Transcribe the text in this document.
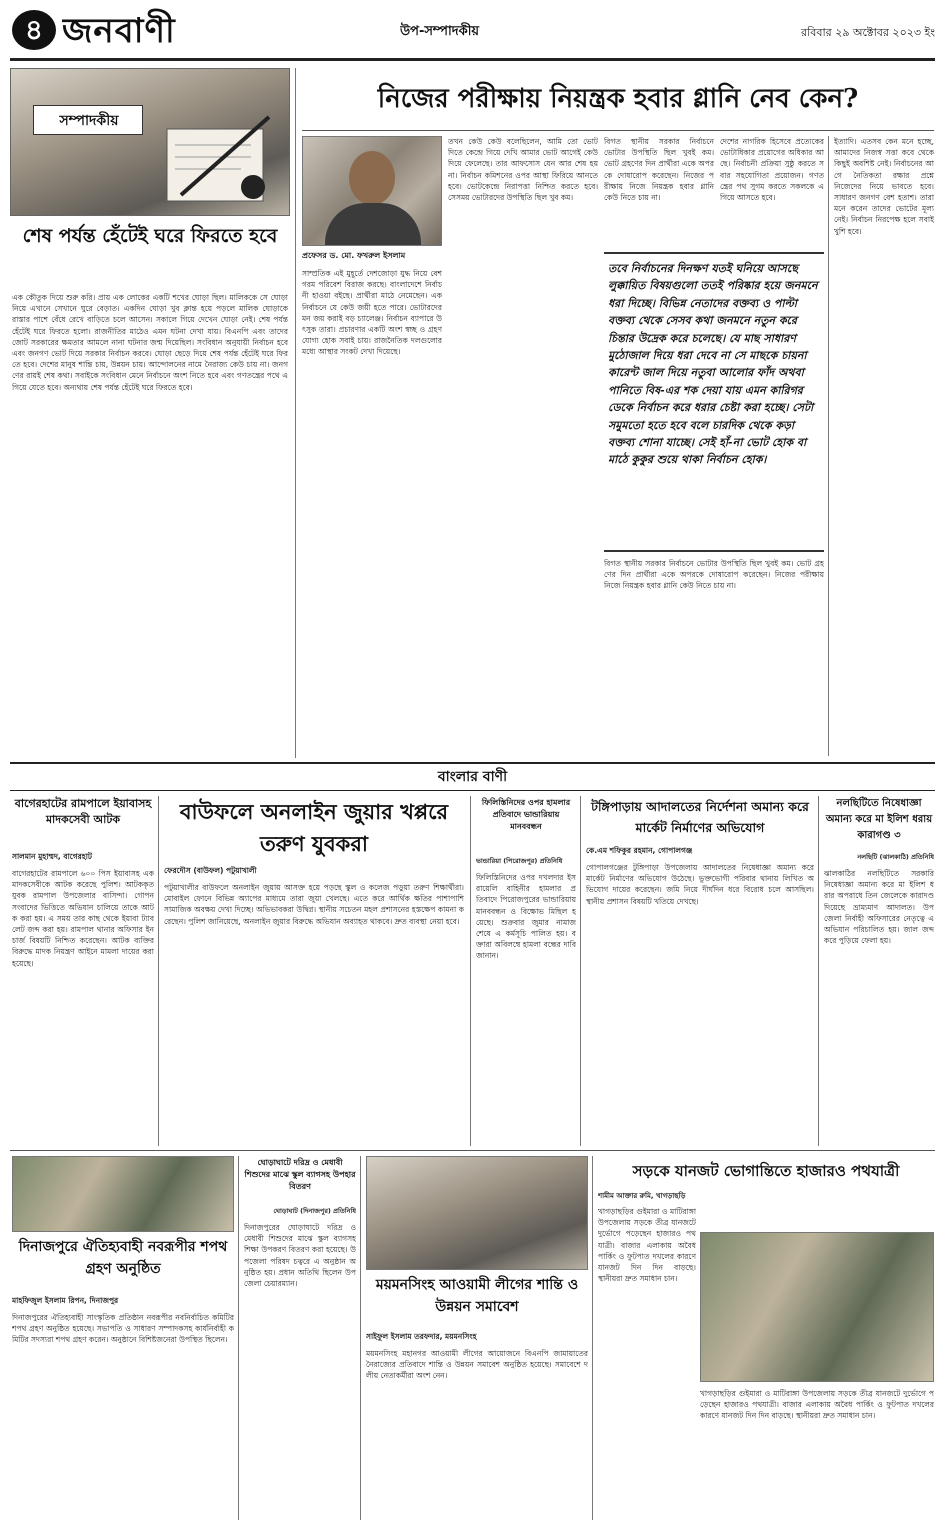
৪ জনবাণী	উপ-সম্পাদকীয়	রবিবার ২৯ অক্টোবর ২০২৩ ইং
সম্পাদকীয়
শেষ পর্যন্ত হেঁটেই ঘরে ফিরতে হবে
এক কৌতুক দিয়ে শুরু করি। প্রায় এক লোকের একটি শখের ঘোড়া ছিল। মালিককে সে ঘোড়া নিয়ে এখানে সেখানে ঘুরে বেড়াত। একদিন ঘোড়া খুব ক্লান্ত হয়ে পড়লে মালিক ঘোড়াকে রাস্তার পাশে বেঁধে রেখে বাড়িতে চলে আসেন। সকালে গিয়ে দেখেন ঘোড়া নেই। শেষ পর্যন্ত হেঁটেই ঘরে ফিরতে হলো। রাজনীতির মাঠেও এমন ঘটনা দেখা যায়। বিএনপি এবং তাদের জোট সরকারের ক্ষমতার আমলে নানা ঘটনার জন্ম দিয়েছিল। সংবিধান অনুযায়ী নির্বাচন হবে এবং জনগণ ভোট দিয়ে সরকার নির্বাচন করবে। ঘোড়া ছেড়ে দিয়ে শেষ পর্যন্ত হেঁটেই ঘরে ফিরতে হবে। দেশের মানুষ শান্তি চায়, উন্নয়ন চায়। আন্দোলনের নামে নৈরাজ্য কেউ চায় না। জনগণের রায়ই শেষ কথা। সবাইকে সংবিধান মেনে নির্বাচনে অংশ নিতে হবে এবং গণতন্ত্রের পথে এগিয়ে যেতে হবে। অন্যথায় শেষ পর্যন্ত হেঁটেই ঘরে ফিরতে হবে।
নিজের পরীক্ষায় নিয়ন্ত্রক হবার গ্লানি নেব কেন?
প্রফেসর ড. মো. ফখরুল ইসলাম
সাম্প্রতিক এই মুহূর্তে দেশজোড়া যুদ্ধ নিয়ে বেশ গরম পরিবেশ বিরাজ করছে। বাংলাদেশে নির্বাচনী হাওয়া বইছে। প্রার্থীরা মাঠে নেমেছেন। এক নির্বাচনে যে কেউ জয়ী হতে পারে। ভোটারদের মন জয় করাই বড় চ্যালেঞ্জ। নির্বাচন ব্যাপারে উৎসুক তারা। প্রচারণার একটি অংশ স্বচ্ছ ও গ্রহণযোগ্য হোক সবাই চায়। রাজনৈতিক দলগুলোর মধ্যে আস্থার সংকট দেখা দিয়েছে।
তখন কেউ কেউ বলেছিলেন, আমি তো ভোট দিতে কেন্দ্রে গিয়ে দেখি আমার ভোট আগেই কেউ দিয়ে ফেলেছে। তার আফসোস যেন আর শেষ হয় না। নির্বাচন কমিশনের ওপর আস্থা ফিরিয়ে আনতে হবে। ভোটকেন্দ্রে নিরাপত্তা নিশ্চিত করতে হবে। সেসময় ভোটারদের উপস্থিতি ছিল খুব কম।
বিগত স্থানীয় সরকার নির্বাচনে ভোটার উপস্থিতি ছিল খুবই কম। ভোট গ্রহণের দিন প্রার্থীরা একে অপরকে দোষারোপ করেছেন। নিজের পরীক্ষায় নিজে নিয়ন্ত্রক হবার গ্লানি কেউ নিতে চায় না।
দেশের নাগরিক হিসেবে প্রত্যেকের ভোটাধিকার প্রয়োগের অধিকার আছে। নির্বাচনী প্রক্রিয়া সুষ্ঠু করতে সবার সহযোগিতা প্রয়োজন। গণতন্ত্রের পথ সুগম করতে সকলকে এগিয়ে আসতে হবে।
তবে নির্বাচনের দিনক্ষণ যতই ঘনিয়ে আসছে লুক্কায়িত বিষয়গুলো ততই পরিষ্কার হয়ে জনমনে ধরা দিচ্ছে। বিভিন্ন নেতাদের বক্তব্য ও পাল্টা বক্তব্য থেকে সেসব কথা জনমনে নতুন করে চিন্তার উদ্রেক করে চলেছে। যে মাছ সাধারণ মুঠোজাল দিয়ে ধরা দেবে না সে মাছকে চায়না কারেন্ট জাল দিয়ে নতুবা আলোর ফাঁদ অথবা পানিতে বিষ-এর শক দেয়া যায় এমন কারিগর ডেকে নির্বাচন করে ধরার চেষ্টা করা হচ্ছে। সেটা সমুমতো হতে হবে বলে চারদিক থেকে কড়া বক্তব্য শোনা যাচ্ছে। সেই হাঁ-না ভোট হোক বা মাঠে কুকুর শুয়ে থাকা নির্বাচন হোক।
বিগত স্থানীয় সরকার নির্বাচনে ভোটার উপস্থিতি ছিল খুবই কম। ভোট গ্রহণের দিন প্রার্থীরা একে অপরকে দোষারোপ করেছেন। নিজের পরীক্ষায় নিজে নিয়ন্ত্রক হবার গ্লানি কেউ নিতে চায় না।
ইত্যাদি। এতসব কেন মনে হচ্ছে, আমাদের নিজস্ব সত্তা কবে থেকে কিছুই অবশিষ্ট নেই। নির্বাচনের আগে নৈতিকতা রক্ষার প্রশ্নে নিজেদের নিয়ে ভাবতে হবে। সাধারণ জনগণ বেশ হতাশ। তারা মনে করেন তাদের ভোটের মূল্য নেই। নির্বাচন নিরপেক্ষ হলে সবাই খুশি হবে।
বাংলার বাণী
বাগেরহাটের রামপালে ইয়াবাসহ মাদকসেবী আটক
সালমান মুহাম্মদ, বাগেরহাট
বাগেরহাটের রামপালে ৬০০ পিস ইয়াবাসহ এক মাদকসেবীকে আটক করেছে পুলিশ। আটককৃত যুবক রামপাল উপজেলার বাসিন্দা। গোপন সংবাদের ভিত্তিতে অভিযান চালিয়ে তাকে আটক করা হয়। এ সময় তার কাছ থেকে ইয়াবা ট্যাবলেট জব্দ করা হয়। রামপাল থানার অফিসার ইনচার্জ বিষয়টি নিশ্চিত করেছেন। আটক ব্যক্তির বিরুদ্ধে মাদক নিয়ন্ত্রণ আইনে মামলা দায়ের করা হয়েছে।
বাউফলে অনলাইন জুয়ার খপ্পরে তরুণ যুবকরা
ফেরদৌস (বাউফল) পটুয়াখালী
পটুয়াখালীর বাউফলে অনলাইন জুয়ায় আসক্ত হয়ে পড়ছে স্কুল ও কলেজ পড়ুয়া তরুণ শিক্ষার্থীরা। মোবাইল ফোনে বিভিন্ন অ্যাপের মাধ্যমে তারা জুয়া খেলছে। এতে করে আর্থিক ক্ষতির পাশাপাশি সামাজিক অবক্ষয় দেখা দিচ্ছে। অভিভাবকরা উদ্বিগ্ন। স্থানীয় সচেতন মহল প্রশাসনের হস্তক্ষেপ কামনা করেছেন। পুলিশ জানিয়েছে, অনলাইন জুয়ার বিরুদ্ধে অভিযান অব্যাহত থাকবে। দ্রুত ব্যবস্থা নেয়া হবে।
ফিলিস্তিনিদের ওপর হামলার প্রতিবাদে ভান্ডারিয়ায় মানববন্ধন
ভান্ডারিয়া (পিরোজপুর) প্রতিনিধি
ফিলিস্তিনিদের ওপর দখলদার ইসরায়েলি বাহিনীর হামলার প্রতিবাদে পিরোজপুরের ভান্ডারিয়ায় মানববন্ধন ও বিক্ষোভ মিছিল হয়েছে। শুক্রবার জুমার নামাজ শেষে এ কর্মসূচি পালিত হয়। বক্তারা অবিলম্বে হামলা বন্ধের দাবি জানান।
টঙ্গিপাড়ায় আদালতের নির্দেশনা অমান্য করে মার্কেট নির্মাণের অভিযোগ
কে.এম শফিকুর রহমান, গোপালগঞ্জ
গোপালগঞ্জের টুঙ্গিপাড়া উপজেলায় আদালতের নিষেধাজ্ঞা অমান্য করে মার্কেট নির্মাণের অভিযোগ উঠেছে। ভুক্তভোগী পরিবার থানায় লিখিত অভিযোগ দায়ের করেছেন। জমি নিয়ে দীর্ঘদিন ধরে বিরোধ চলে আসছিল। স্থানীয় প্রশাসন বিষয়টি খতিয়ে দেখছে।
নলছিটিতে নিষেধাজ্ঞা অমান্য করে মা ইলিশ ধরায় কারাগণ্ড ৩
নলছিটি (ঝালকাঠি) প্রতিনিধি
ঝালকাঠির নলছিটিতে সরকারি নিষেধাজ্ঞা অমান্য করে মা ইলিশ ধরার অপরাধে তিন জেলেকে কারাদণ্ড দিয়েছে ভ্রাম্যমাণ আদালত। উপজেলা নির্বাহী অফিসারের নেতৃত্বে এ অভিযান পরিচালিত হয়। জাল জব্দ করে পুড়িয়ে ফেলা হয়।
দিনাজপুরে ঐতিহ্যবাহী নবরূপীর শপথ গ্রহণ অনুষ্ঠিত
মাহফিজুল ইসলাম রিপন, দিনাজপুর
দিনাজপুরের ঐতিহ্যবাহী সাংস্কৃতিক প্রতিষ্ঠান নবরূপীর নবনির্বাচিত কমিটির শপথ গ্রহণ অনুষ্ঠিত হয়েছে। সভাপতি ও সাধারণ সম্পাদকসহ কার্যনির্বাহী কমিটির সদস্যরা শপথ গ্রহণ করেন। অনুষ্ঠানে বিশিষ্টজনেরা উপস্থিত ছিলেন।
ঘোড়াঘাটে দরিদ্র ও মেধাবী শিশুদের মাঝে স্কুল ব্যাগসহ উপহার বিতরণ
ঘোড়াঘাট (দিনাজপুর) প্রতিনিধি
দিনাজপুরের ঘোড়াঘাটে দরিদ্র ও মেধাবী শিশুদের মাঝে স্কুল ব্যাগসহ শিক্ষা উপকরণ বিতরণ করা হয়েছে। উপজেলা পরিষদ চত্বরে এ অনুষ্ঠান অনুষ্ঠিত হয়। প্রধান অতিথি ছিলেন উপজেলা চেয়ারম্যান।	ময়মনসিংহ আওয়ামী লীগের শান্তি ও উন্নয়ন সমাবেশ
সাইফুল ইসলাম তরফদার, ময়মনসিংহ
ময়মনসিংহ মহানগর আওয়ামী লীগের আয়োজনে বিএনপি জামায়াতের নৈরাজ্যের প্রতিবাদে শান্তি ও উন্নয়ন সমাবেশ অনুষ্ঠিত হয়েছে। সমাবেশে দলীয় নেতাকর্মীরা অংশ নেন।
সড়কে যানজট ভোগান্তিতে হাজারও পথযাত্রী
শামীম আক্তার রুমি, খাগড়াছড়ি
খাগড়াছড়ির গুইমারা ও মাটিরাঙ্গা উপজেলায় সড়কে তীব্র যানজটে দুর্ভোগে পড়েছেন হাজারও পথযাত্রী। বাজার এলাকায় অবৈধ পার্কিং ও ফুটপাত দখলের কারণে যানজট দিন দিন বাড়ছে। স্থানীয়রা দ্রুত সমাধান চান।
খাগড়াছড়ির গুইমারা ও মাটিরাঙ্গা উপজেলায় সড়কে তীব্র যানজটে দুর্ভোগে পড়েছেন হাজারও পথযাত্রী। বাজার এলাকায় অবৈধ পার্কিং ও ফুটপাত দখলের কারণে যানজট দিন দিন বাড়ছে। স্থানীয়রা দ্রুত সমাধান চান।
